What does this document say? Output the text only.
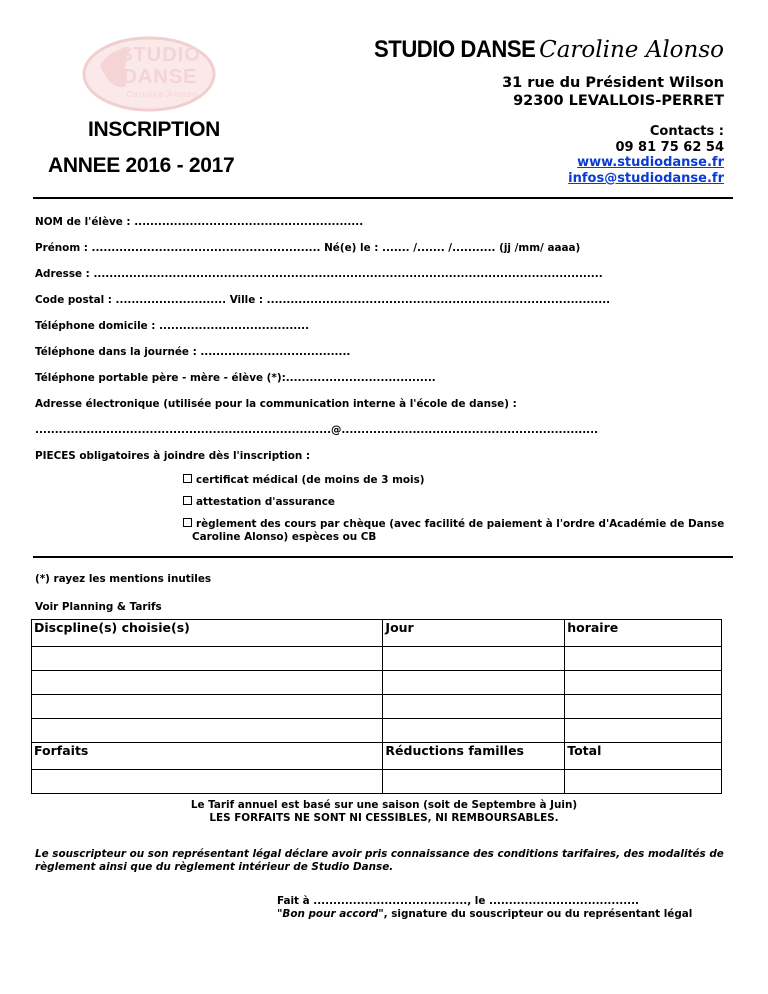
STUDIO
DANSE
Caroline Alonso
STUDIO DANSE Caroline Alonso
31 rue du Président Wilson
92300 LEVALLOIS-PERRET
INSCRIPTION
ANNEE 2016 - 2017
Contacts :
09 81 75 62 54
www.studiodanse.fr
infos@studiodanse.fr
NOM de l'élève : ..........................................................
Prénom : .......................................................... Né(e) le : ....... /....... /........... (jj /mm/ aaaa)
Adresse : .................................................................................................................................
Code postal : ............................ Ville : .......................................................................................
Téléphone domicile : ......................................
Téléphone dans la journée : ......................................
Téléphone portable père - mère - élève (*):......................................
Adresse électronique (utilisée pour la communication interne à l'école de danse) :
...........................................................................@.................................................................
PIECES obligatoires à joindre dès l'inscription :
certificat médical (de moins de 3 mois)
attestation d'assurance
règlement des cours par chèque (avec facilité de paiement à l'ordre d'Académie de Danse
Caroline Alonso) espèces ou CB
(*) rayez les mentions inutiles
Voir Planning & Tarifs
Discpline(s) choisie(s)	Jour	horaire

Forfaits	Réductions familles	Total

Le Tarif annuel est basé sur une saison (soit de Septembre à Juin)
LES FORFAITS NE SONT NI CESSIBLES, NI REMBOURSABLES.
Le souscripteur ou son représentant légal déclare avoir pris connaissance des conditions tarifaires, des modalités de
règlement ainsi que du règlement intérieur de Studio Danse.
Fait à ......................................., le ......................................
"Bon pour accord", signature du souscripteur ou du représentant légal
